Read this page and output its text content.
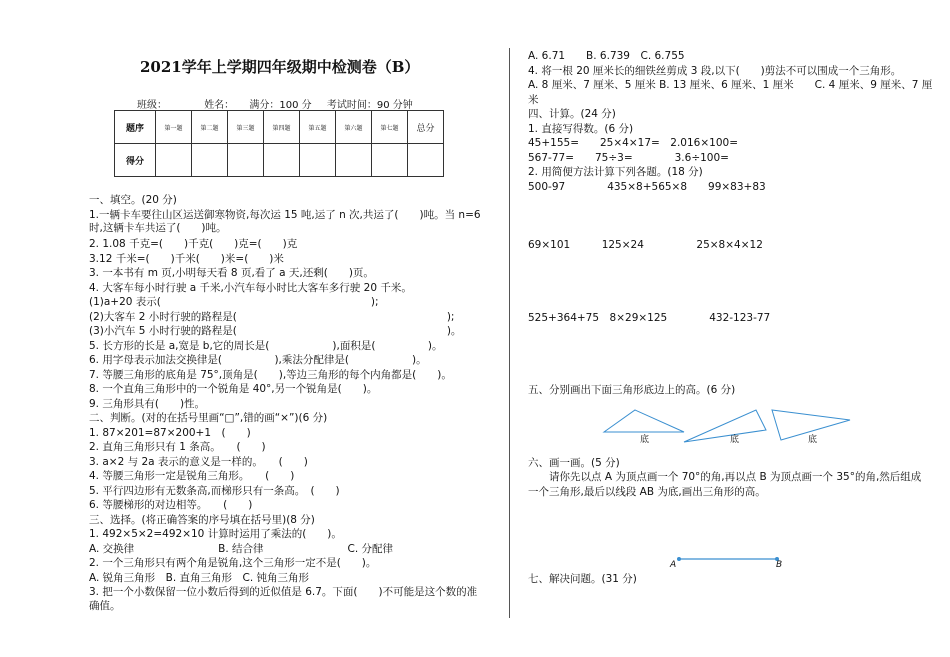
2021学年上学期四年级期中检测卷（B）
班级：	姓名： 满分：100 分 考试时间：90 分钟
题序	第一题	第二题	第三题	第四题	第五题	第六题	第七题	总分
得分								
一、填空。(20 分)
1.一辆卡车要往山区运送御寒物资,每次运 15 吨,运了 n 次,共运了(　　)吨。当 n=6
时,这辆卡车共运了(　　)吨。
2. 1.08 千克=(　　)千克(　　)克=(　　)克
3.12 千米=(　　)千米(　　)米=(　　)米
3. 一本书有 m 页,小明每天看 8 页,看了 a 天,还剩(　　)页。
4. 大客车每小时行驶 a 千米,小汽车每小时比大客车多行驶 20 千米。
(1)a+20 表示(　　　　　　　　　　　　　　　　　　　　);
(2)大客车 2 小时行驶的路程是(　　　　　　　　　　　　　　　　　　　　);
(3)小汽车 5 小时行驶的路程是(　　　　　　　　　　　　　　　　　　　　)。
5. 长方形的长是 a,宽是 b,它的周长是(　　　　　　),面积是(　　　　　)。
6. 用字母表示加法交换律是(　　　　　),乘法分配律是(　　　　　　)。
7. 等腰三角形的底角是 75°,顶角是(　　),等边三角形的每个内角都是(　　)。
8. 一个直角三角形中的一个锐角是 40°,另一个锐角是(　　)。
9. 三角形具有(　　)性。
二、判断。(对的在括号里画“□”,错的画“×”)(6 分)
1. 87×201=87×200+1　(　　)
2. 直角三角形只有 1 条高。　　(　　)
3. a×2 与 2a 表示的意义是一样的。　　(　　)
4. 等腰三角形一定是锐角三角形。　　(　　)
5. 平行四边形有无数条高,而梯形只有一条高。　(　　)
6. 等腰梯形的对边相等。　　(　　)
三、选择。(将正确答案的序号填在括号里)(8 分)
1. 492×5×2=492×10 计算时运用了乘法的(　　)。
A. 交换律　　　　　　　　B. 结合律　　　　　　　　C. 分配律
2. 一个三角形只有两个角是锐角,这个三角形一定不是(　　)。
A. 锐角三角形　B. 直角三角形　C. 钝角三角形
3. 把一个小数保留一位小数后得到的近似值是 6.7。下面(　　)不可能是这个数的准
确值。
A. 6.71　　B. 6.739　C. 6.755
4. 将一根 20 厘米长的细铁丝剪成 3 段,以下(　　)剪法不可以围成一个三角形。
A. 8 厘米、7 厘米、5 厘米 B. 13 厘米、6 厘米、1 厘米　　C. 4 厘米、9 厘米、7 厘
米
四、计算。(24 分)
1. 直接写得数。(6 分)
45+155=　　25×4×17=　2.016×100=
567-77=　　75÷3=　　　　3.6÷100=
2. 用简便方法计算下列各题。(18 分)
500-97　　　　435×8+565×8　　99×83+83
69×101　　　125×24　　　　　25×8×4×12
525+364+75　8×29×125　　　　432-123-77
五、分别画出下面三角形底边上的高。(6 分)
底	底	底
六、画一画。(5 分)
　　请你先以点 A 为顶点画一个 70°的角,再以点 B 为顶点画一个 35°的角,然后组成
一个三角形,最后以线段 AB 为底,画出三角形的高。
A	B
七、解决问题。(31 分)
